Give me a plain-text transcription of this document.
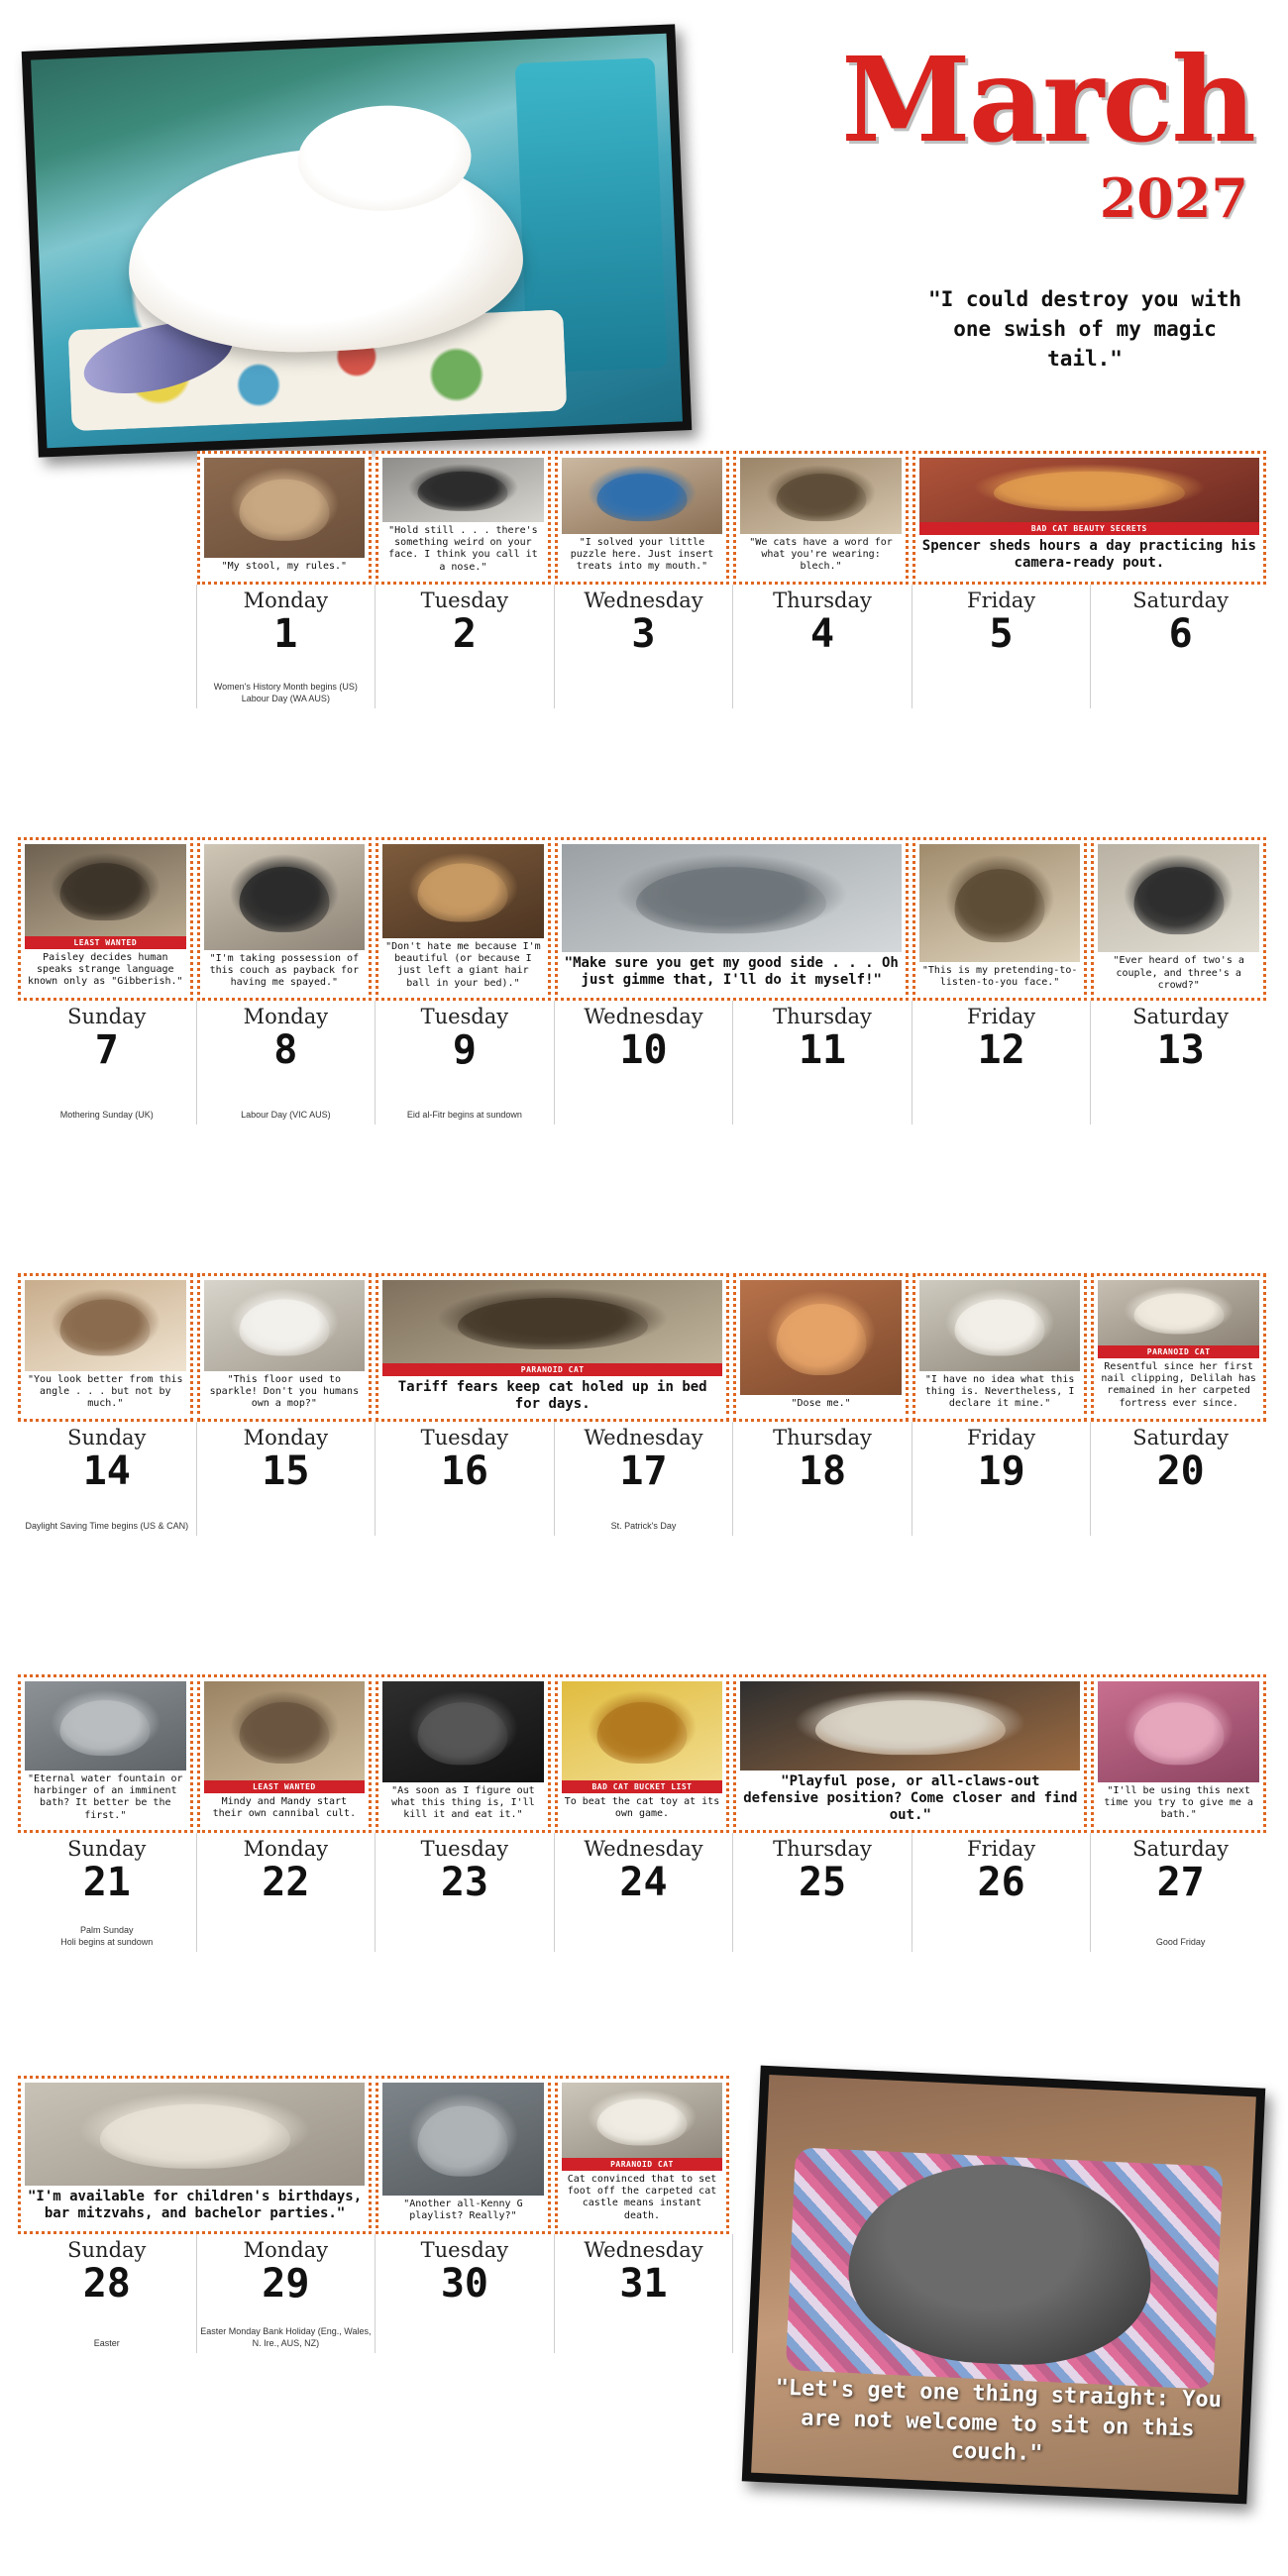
March
2027
"I could destroy you with one swish of my magic tail."
"My stool, my rules."
"Hold still . . . there's something weird on your face. I think you call it a nose."
"I solved your little puzzle here. Just insert treats into my mouth."
"We cats have a word for what you're wearing: blech."
BAD CAT BEAUTY SECRETS
Spencer sheds hours a day practicing his camera-ready pout.
Monday
1
Women's History Month begins (US)
Labour Day (WA AUS)
Tuesday
2
Wednesday
3
Thursday
4
Friday
5
Saturday
6
LEAST WANTED
Paisley decides human speaks strange language known only as "Gibberish."
"I'm taking possession of this couch as payback for having me spayed."
"Don't hate me because I'm beautiful (or because I just left a giant hair ball in your bed)."
"Make sure you get my good side . . . Oh just gimme that, I'll do it myself!"
"This is my pretending-to-listen-to-you face."
"Ever heard of two's a couple, and three's a crowd?"
Sunday
7
Mothering Sunday (UK)
Monday
8
Labour Day (VIC AUS)
Tuesday
9
Eid al-Fitr begins at sundown
Wednesday
10
Thursday
11
Friday
12
Saturday
13
"You look better from this angle . . . but not by much."
"This floor used to sparkle! Don't you humans own a mop?"
PARANOID CAT
Tariff fears keep cat holed up in bed for days.	"Dose me."
"I have no idea what this thing is. Nevertheless, I declare it mine."
PARANOID CAT
Resentful since her first nail clipping, Delilah has remained in her carpeted fortress ever since.
Sunday
14
Daylight Saving Time begins (US & CAN)
Monday
15
Tuesday
16
Wednesday
17
St. Patrick's Day
Thursday
18
Friday
19
Saturday
20
"Eternal water fountain or harbinger of an imminent bath? It better be the first."
LEAST WANTED
Mindy and Mandy start their own cannibal cult.
"As soon as I figure out what this thing is, I'll kill it and eat it."
BAD CAT BUCKET LIST
To beat the cat toy at its own game.
"Playful pose, or all-claws-out defensive position? Come closer and find out."
"I'll be using this next time you try to give me a bath."
Sunday
21
Palm Sunday
Holi begins at sundown
Monday
22
Tuesday
23
Wednesday
24
Thursday
25
Friday
26
Saturday
27
Good Friday
"I'm available for children's birthdays, bar mitzvahs, and bachelor parties."
"Another all-Kenny G playlist? Really?"
PARANOID CAT
Cat convinced that to set foot off the carpeted cat castle means instant death.
Sunday
28
Easter
Monday
29
Easter Monday Bank Holiday (Eng., Wales, N. Ire., AUS, NZ)
Tuesday
30
Wednesday
31
"Let's get one thing straight: You are not welcome to sit on this couch."
